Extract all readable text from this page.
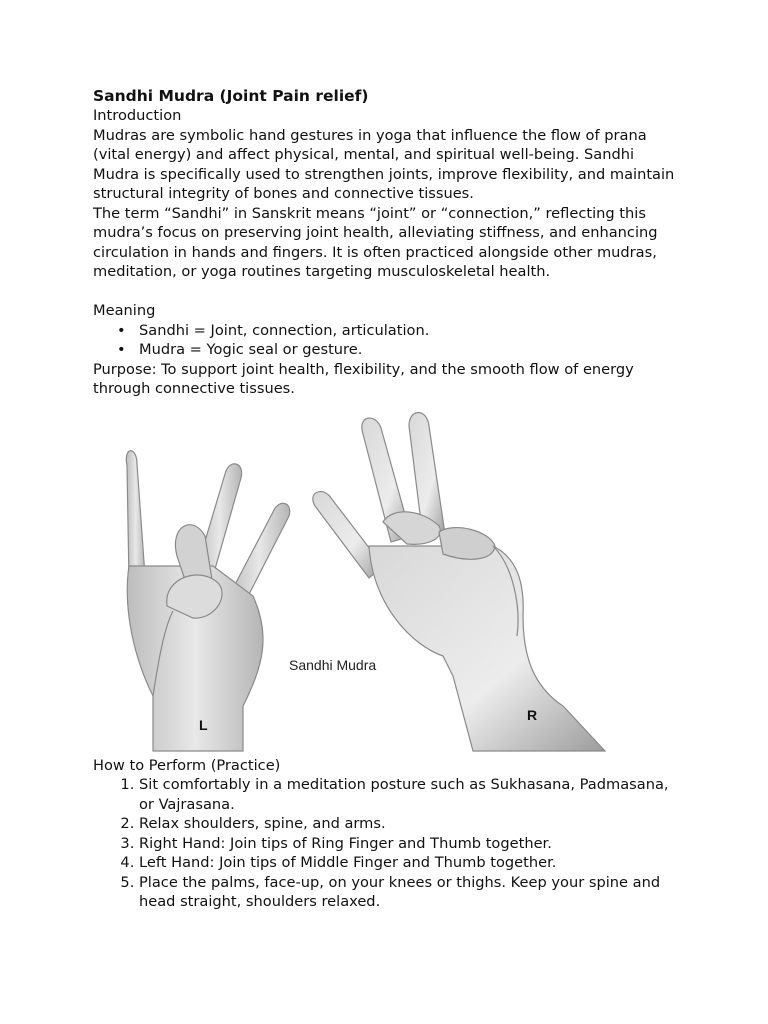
Sandhi Mudra (Joint Pain relief)

Introduction

Mudras are symbolic hand gestures in yoga that influence the flow of prana (vital energy) and affect physical, mental, and spiritual well-being. Sandhi Mudra is specifically used to strengthen joints, improve flexibility, and maintain structural integrity of bones and connective tissues.

The term “Sandhi” in Sanskrit means “joint” or “connection,” reflecting this mudra’s focus on preserving joint health, alleviating stiffness, and enhancing circulation in hands and fingers. It is often practiced alongside other mudras, meditation, or yoga routines targeting musculoskeletal health.

Meaning

• Sandhi = Joint, connection, articulation.
• Mudra = Yogic seal or gesture.

Purpose: To support joint health, flexibility, and the smooth flow of energy through connective tissues.

Sandhi Mudra
L
R

How to Perform (Practice)

1. Sit comfortably in a meditation posture such as Sukhasana, Padmasana, or Vajrasana.
2. Relax shoulders, spine, and arms.
3. Right Hand: Join tips of Ring Finger and Thumb together.
4. Left Hand: Join tips of Middle Finger and Thumb together.
5. Place the palms, face-up, on your knees or thighs. Keep your spine and head straight, shoulders relaxed.
